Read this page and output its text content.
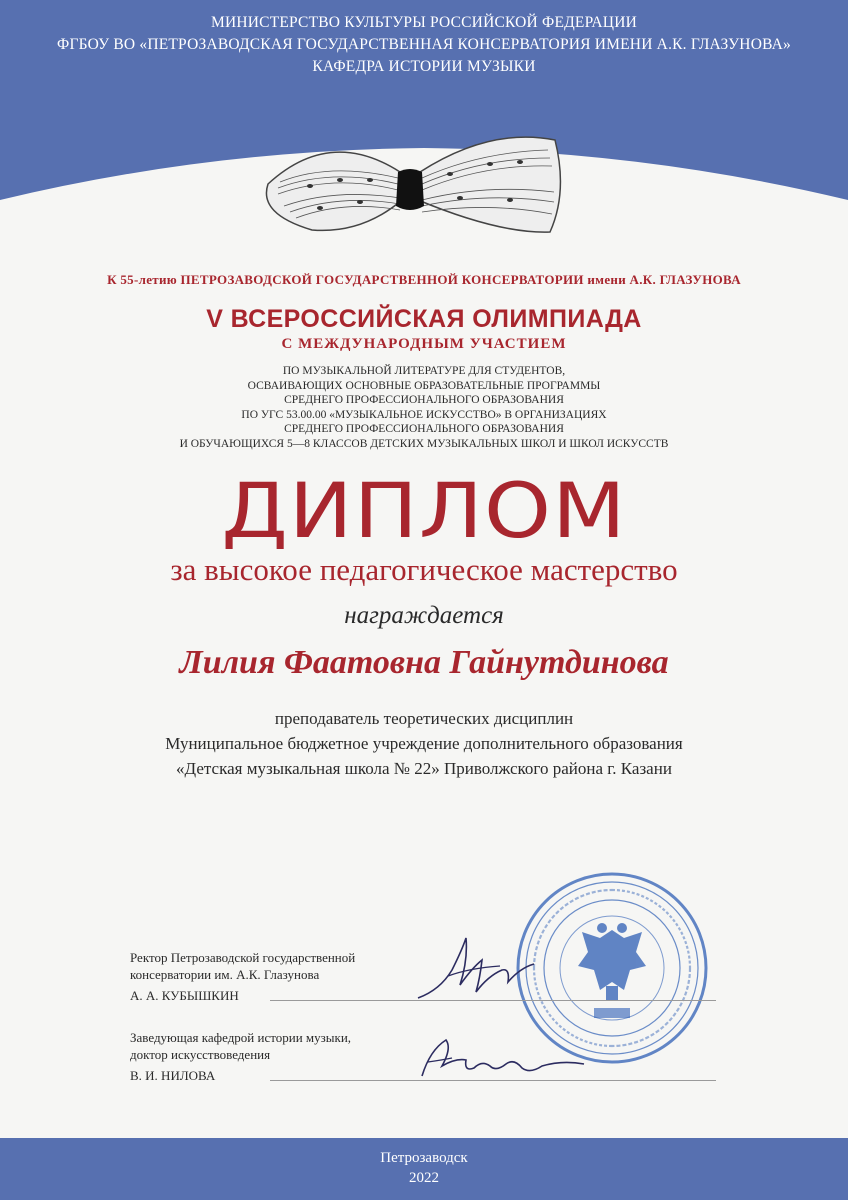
МИНИСТЕРСТВО КУЛЬТУРЫ РОССИЙСКОЙ ФЕДЕРАЦИИ
ФГБОУ ВО «ПЕТРОЗАВОДСКАЯ ГОСУДАРСТВЕННАЯ КОНСЕРВАТОРИЯ ИМЕНИ А.К. ГЛАЗУНОВА»
КАФЕДРА ИСТОРИИ МУЗЫКИ
К 55-летию ПЕТРОЗАВОДСКОЙ ГОСУДАРСТВЕННОЙ КОНСЕРВАТОРИИ имени А.К. ГЛАЗУНОВА
V ВСЕРОССИЙСКАЯ ОЛИМПИАДА
С МЕЖДУНАРОДНЫМ УЧАСТИЕМ
ПО МУЗЫКАЛЬНОЙ ЛИТЕРАТУРЕ ДЛЯ СТУДЕНТОВ,
ОСВАИВАЮЩИХ ОСНОВНЫЕ ОБРАЗОВАТЕЛЬНЫЕ ПРОГРАММЫ
СРЕДНЕГО ПРОФЕССИОНАЛЬНОГО ОБРАЗОВАНИЯ
ПО УГС 53.00.00 «МУЗЫКАЛЬНОЕ ИСКУССТВО» В ОРГАНИЗАЦИЯХ
СРЕДНЕГО ПРОФЕССИОНАЛЬНОГО ОБРАЗОВАНИЯ
И ОБУЧАЮЩИХСЯ 5—8 КЛАССОВ ДЕТСКИХ МУЗЫКАЛЬНЫХ ШКОЛ И ШКОЛ ИСКУССТВ
ДИПЛОМ
за высокое педагогическое мастерство
награждается
Лилия Фаатовна Гайнутдинова
преподаватель теоретических дисциплин
Муниципальное бюджетное учреждение дополнительного образования
«Детская музыкальная школа № 22» Приволжского района г. Казани
Ректор Петрозаводской государственной
консерватории им. А.К. Глазунова
А. А. КУБЫШКИН
Заведующая кафедрой истории музыки,
доктор искусствоведения
В. И. НИЛОВА
Петрозаводск
2022
